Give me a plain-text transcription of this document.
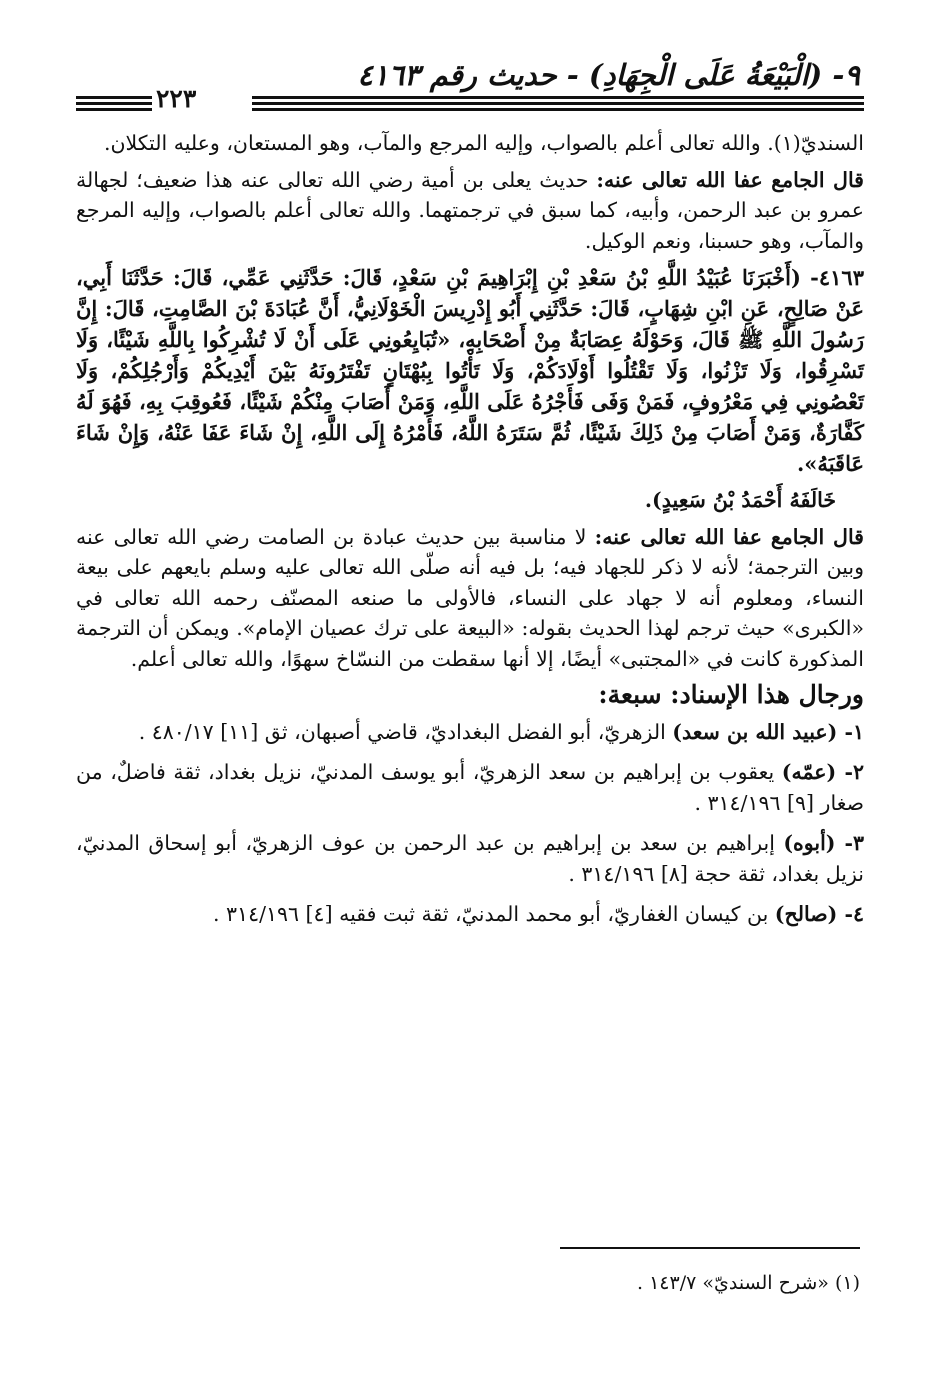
٩- (الْبَيْعَةُ عَلَى الْجِهَادِ) - حديث رقم ٤١٦٣
٢٢٣

السنديّ(١). والله تعالى أعلم بالصواب، وإليه المرجع والمآب، وهو المستعان، وعليه التكلان.

قال الجامع عفا الله تعالى عنه: حديث يعلى بن أمية رضي الله تعالى عنه هذا ضعيف؛ لجهالة عمرو بن عبد الرحمن، وأبيه، كما سبق في ترجمتهما. والله تعالى أعلم بالصواب، وإليه المرجع والمآب، وهو حسبنا، ونعم الوكيل.

٤١٦٣- (أَخْبَرَنَا عُبَيْدُ اللَّهِ بْنُ سَعْدِ بْنِ إِبْرَاهِيمَ بْنِ سَعْدٍ، قَالَ: حَدَّثَنِي عَمِّي، قَالَ: حَدَّثَنَا أَبِي، عَنْ صَالِحٍ، عَنِ ابْنِ شِهَابٍ، قَالَ: حَدَّثَنِي أَبُو إِدْرِيسَ الْخَوْلَانِيُّ، أَنَّ عُبَادَةَ بْنَ الصَّامِتِ، قَالَ: إِنَّ رَسُولَ اللَّهِ ﷺ قَالَ، وَحَوْلَهُ عِصَابَةٌ مِنْ أَصْحَابِهِ، «تُبَايِعُونِي عَلَى أَنْ لَا تُشْرِكُوا بِاللَّهِ شَيْئًا، وَلَا تَسْرِقُوا، وَلَا تَزْنُوا، وَلَا تَقْتُلُوا أَوْلَادَكُمْ، وَلَا تَأْتُوا بِبُهْتَانٍ تَفْتَرُونَهُ بَيْنَ أَيْدِيكُمْ وَأَرْجُلِكُمْ، وَلَا تَعْصُونِي فِي مَعْرُوفٍ، فَمَنْ وَفَى فَأَجْرُهُ عَلَى اللَّهِ، وَمَنْ أَصَابَ مِنْكُمْ شَيْئًا، فَعُوقِبَ بِهِ، فَهُوَ لَهُ كَفَّارَةٌ، وَمَنْ أَصَابَ مِنْ ذَلِكَ شَيْئًا، ثُمَّ سَتَرَهُ اللَّهُ، فَأَمْرُهُ إِلَى اللَّهِ، إِنْ شَاءَ عَفَا عَنْهُ، وَإِنْ شَاءَ عَاقَبَهُ».

خَالَفَهُ أَحْمَدُ بْنُ سَعِيدٍ).

قال الجامع عفا الله تعالى عنه: لا مناسبة بين حديث عبادة بن الصامت رضي الله تعالى عنه وبين الترجمة؛ لأنه لا ذكر للجهاد فيه؛ بل فيه أنه صلّى الله تعالى عليه وسلم بايعهم على بيعة النساء، ومعلوم أنه لا جهاد على النساء، فالأولى ما صنعه المصنّف رحمه الله تعالى في «الكبرى» حيث ترجم لهذا الحديث بقوله: «البيعة على ترك عصيان الإمام». ويمكن أن الترجمة المذكورة كانت في «المجتبى» أيضًا، إلا أنها سقطت من النسّاخ سهوًا، والله تعالى أعلم.

ورجال هذا الإسناد: سبعة:

١- (عبيد الله بن سعد) الزهريّ، أبو الفضل البغداديّ، قاضي أصبهان، ثق [١١] ٤٨٠/١٧ .

٢- (عمّه) يعقوب بن إبراهيم بن سعد الزهريّ، أبو يوسف المدنيّ، نزيل بغداد، ثقة فاضلٌ، من صغار [٩] ٣١٤/١٩٦ .

٣- (أبوه) إبراهيم بن سعد بن إبراهيم بن عبد الرحمن بن عوف الزهريّ، أبو إسحاق المدنيّ، نزيل بغداد، ثقة حجة [٨] ٣١٤/١٩٦ .

٤- (صالح) بن كيسان الغفاريّ، أبو محمد المدنيّ، ثقة ثبت فقيه [٤] ٣١٤/١٩٦ .

(١) «شرح السنديّ» ١٤٣/٧ .
